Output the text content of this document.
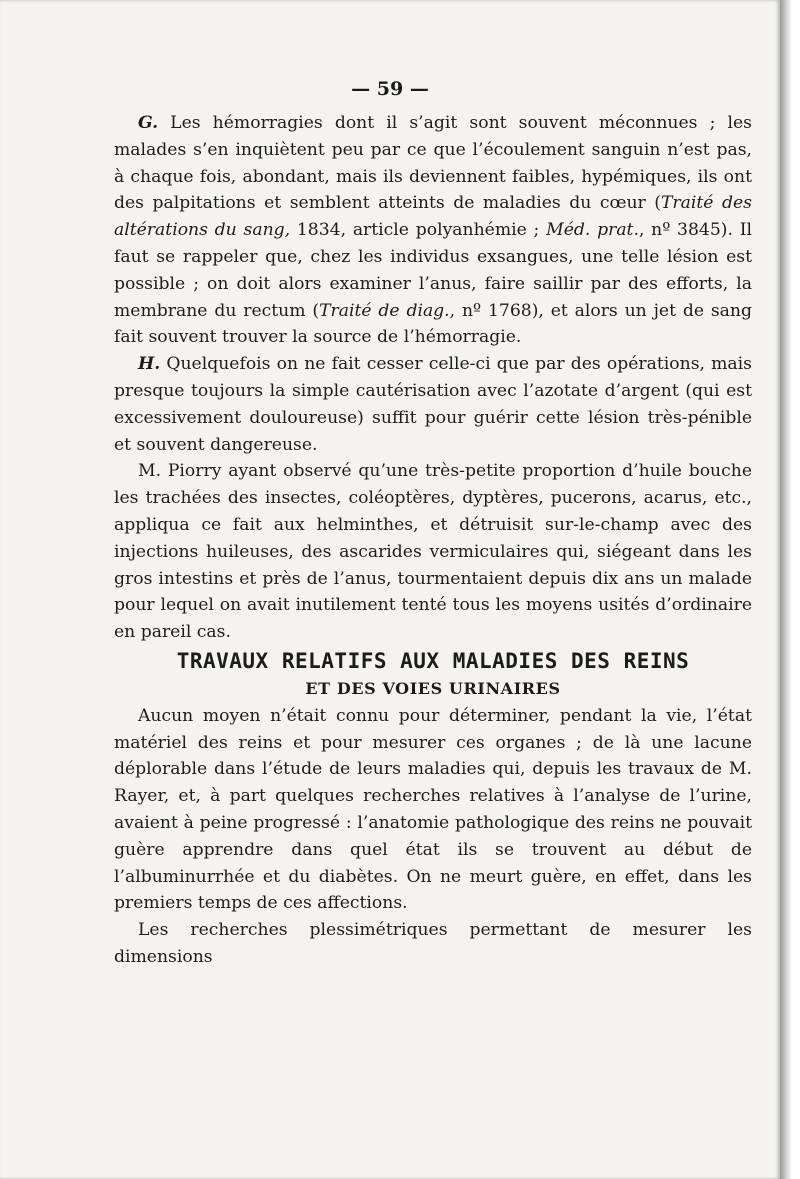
— 59 —

G. Les hémorragies dont il s’agit sont souvent méconnues ; les malades s’en inquiètent peu par ce que l’écoulement sanguin n’est pas, à chaque fois, abondant, mais ils deviennent faibles, hypémiques, ils ont des palpitations et semblent atteints de maladies du cœur (Traité des altérations du sang, 1834, article polyanhémie ; Méd. prat., nº 3845). Il faut se rappeler que, chez les individus exsangues, une telle lésion est possible ; on doit alors examiner l’anus, faire saillir par des efforts, la membrane du rectum (Traité de diag., nº 1768), et alors un jet de sang fait souvent trouver la source de l’hémorragie.

H. Quelquefois on ne fait cesser celle-ci que par des opérations, mais presque toujours la simple cautérisation avec l’azotate d’argent (qui est excessivement douloureuse) suffit pour guérir cette lésion très-pénible et souvent dangereuse.

M. Piorry ayant observé qu’une très-petite proportion d’huile bouche les trachées des insectes, coléoptères, dyptères, pucerons, acarus, etc., appliqua ce fait aux helminthes, et détruisit sur-le-champ avec des injections huileuses, des ascarides vermiculaires qui, siégeant dans les gros intestins et près de l’anus, tourmentaient depuis dix ans un malade pour lequel on avait inutilement tenté tous les moyens usités d’ordinaire en pareil cas.

TRAVAUX RELATIFS AUX MALADIES DES REINS

ET DES VOIES URINAIRES

Aucun moyen n’était connu pour déterminer, pendant la vie, l’état matériel des reins et pour mesurer ces organes ; de là une lacune déplorable dans l’étude de leurs maladies qui, depuis les travaux de M. Rayer, et, à part quelques recherches relatives à l’analyse de l’urine, avaient à peine progressé : l’anatomie pathologique des reins ne pouvait guère apprendre dans quel état ils se trouvent au début de l’albuminurrhée et du diabètes. On ne meurt guère, en effet, dans les premiers temps de ces affections.

Les recherches plessimétriques permettant de mesurer les dimensions
